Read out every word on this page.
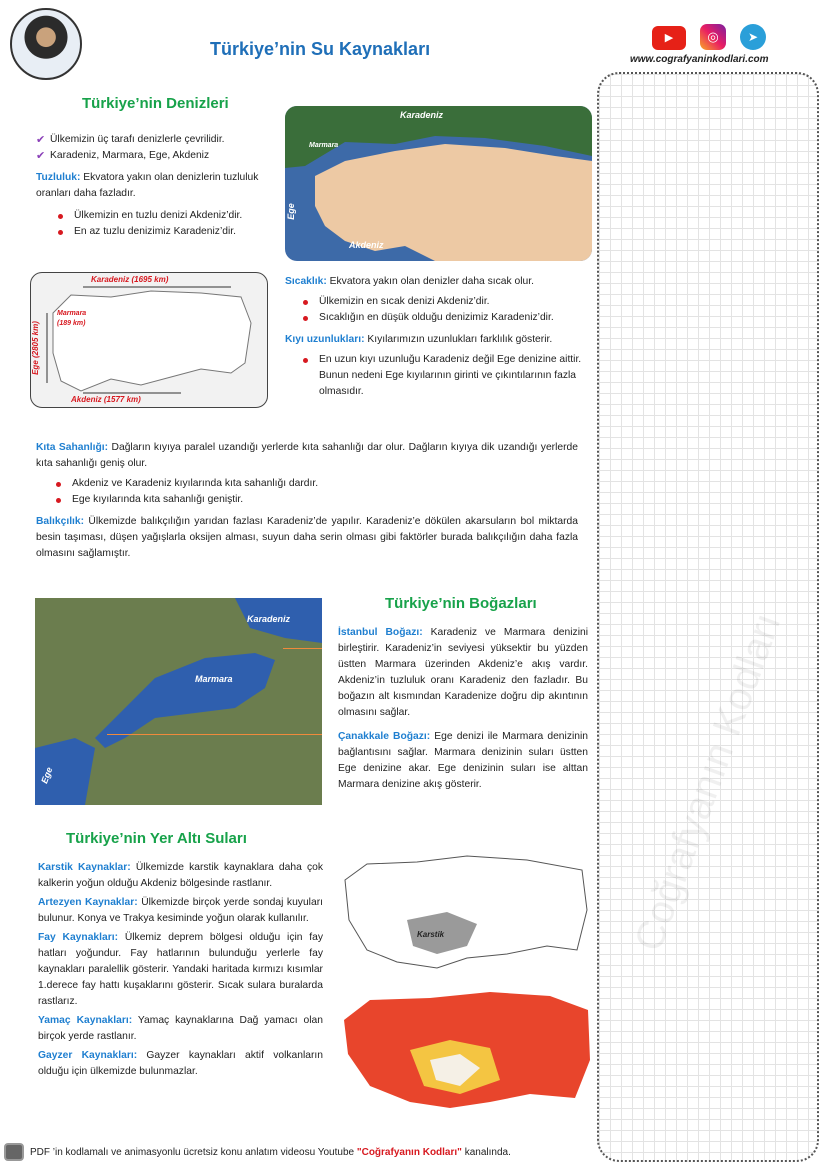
Türkiye’nin Su Kaynakları
▶	◎	➤
www.cografyaninkodlari.com
Coğrafyanın Kodları
Türkiye’nin Denizleri
✔ Ülkemizin üç tarafı denizlerle çevrilidir.
✔ Karadeniz, Marmara, Ege, Akdeniz

Tuzluluk: Ekvatora yakın olan denizlerin tuzluluk oranları daha fazladır.

Ülkemizin en tuzlu denizi Akdeniz’dir.
En az tuzlu denizimiz Karadeniz’dir.
Karadeniz
Marmara
Ege
Akdeniz
Karadeniz (1695 km)
Marmara (189 km)
Ege (2805 km)
Akdeniz (1577 km)

Sıcaklık: Ekvatora yakın olan denizler daha sıcak olur.

Ülkemizin en sıcak denizi Akdeniz’dir.
Sıcaklığın en düşük olduğu denizimiz Karadeniz’dir.

Kıyı uzunlukları: Kıyılarımızın uzunlukları farklılık gösterir.

En uzun kıyı uzunluğu Karadeniz değil Ege denizine aittir. Bunun nedeni Ege kıyılarının girinti ve çıkıntılarının fazla olmasıdır.

Kıta Sahanlığı: Dağların kıyıya paralel uzandığı yerlerde kıta sahanlığı dar olur. Dağların kıyıya dik uzandığı yerlerde kıta sahanlığı geniş olur.

Akdeniz ve Karadeniz kıyılarında kıta sahanlığı dardır.
Ege kıyılarında kıta sahanlığı geniştir.

Balıkçılık: Ülkemizde balıkçılığın yarıdan fazlası Karadeniz’de yapılır. Karadeniz’e dökülen akarsuların bol miktarda besin taşıması, düşen yağışlarla oksijen alması, suyun daha serin olması gibi faktörler burada balıkçılığın daha fazla olmasını sağlamıştır.

Karadeniz
Marmara
Ege
Türkiye’nin Boğazları

İstanbul Boğazı: Karadeniz ve Marmara denizini birleştirir. Karadeniz’in seviyesi yüksektir bu yüzden üstten Marmara üzerinden Akdeniz’e akış vardır. Akdeniz’in tuzluluk oranı Karadeniz den fazladır. Bu boğazın alt kısmından Karadenize doğru dip akıntının olmasını sağlar.

Çanakkale Boğazı: Ege denizi ile Marmara denizinin bağlantısını sağlar. Marmara denizinin suları üstten Ege denizine akar. Ege denizinin suları ise alttan Marmara denizine akış gösterir.

Türkiye’nin Yer Altı Suları

Karstik Kaynaklar: Ülkemizde karstik kaynaklara daha çok kalkerin yoğun olduğu Akdeniz bölgesinde rastlanır.

Artezyen Kaynaklar: Ülkemizde birçok yerde sondaj kuyuları bulunur. Konya ve Trakya kesiminde yoğun olarak kullanılır.

Fay Kaynakları: Ülkemiz deprem bölgesi olduğu için fay hatları yoğundur. Fay hatlarının bulunduğu yerlerle fay kaynakları paralellik gösterir. Yandaki haritada kırmızı kısımlar 1.derece fay hattı kuşaklarını gösterir. Sıcak sulara buralarda rastlarız.

Yamaç Kaynakları: Yamaç kaynaklarına Dağ yamacı olan birçok yerde rastlanır.

Gayzer Kaynakları: Gayzer kaynakları aktif volkanların olduğu için ülkemizde bulunmazlar.

Karstik

PDF ’in kodlamalı ve animasyonlu ücretsiz konu anlatım videosu Youtube "Coğrafyanın Kodları" kanalında.
